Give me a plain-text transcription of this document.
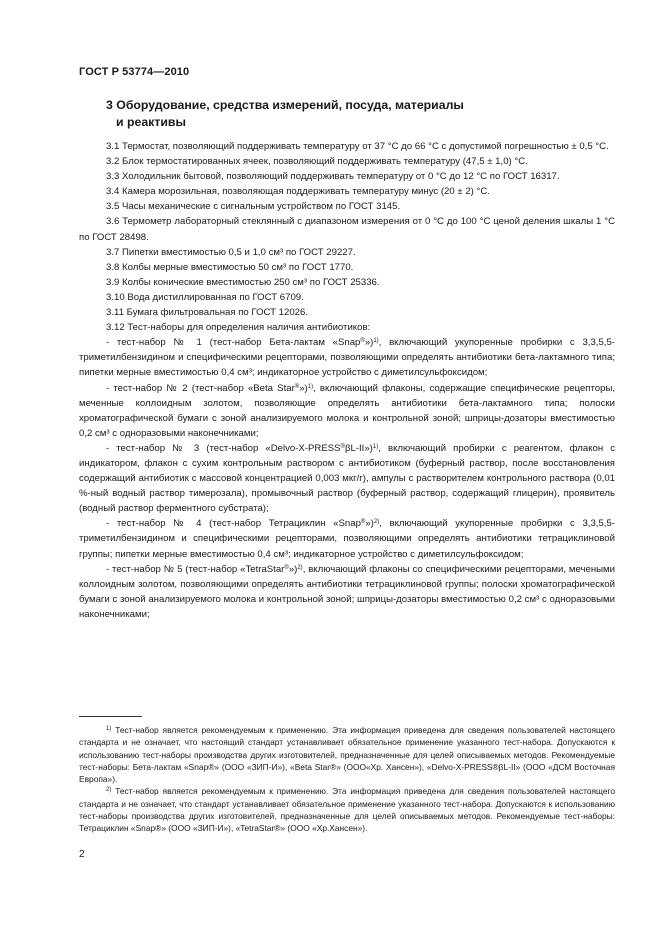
ГОСТ Р 53774—2010
3 Оборудование, средства измерений, посуда, материалы
и реактивы

3.1 Термостат, позволяющий поддерживать температуру от 37 °С до 66 °С с допустимой погрешностью ± 0,5 °С.

3.2 Блок термостатированных ячеек, позволяющий поддерживать температуру (47,5 ± 1,0) °С.

3.3 Холодильник бытовой, позволяющий поддерживать температуру от 0 °С до 12 °С по ГОСТ 16317.

3.4 Камера морозильная, позволяющая поддерживать температуру минус (20 ± 2) °С.

3.5 Часы механические с сигнальным устройством по ГОСТ 3145.

3.6 Термометр лабораторный стеклянный с диапазоном измерения от 0 °С до 100 °С ценой деления шкалы 1 °С по ГОСТ 28498.

3.7 Пипетки вместимостью 0,5 и 1,0 см³ по ГОСТ 29227.

3.8 Колбы мерные вместимостью 50 см³ по ГОСТ 1770.

3.9 Колбы конические вместимостью 250 см³ по ГОСТ 25336.

3.10 Вода дистиллированная по ГОСТ 6709.

3.11 Бумага фильтровальная по ГОСТ 12026.

3.12 Тест-наборы для определения наличия антибиотиков:

- тест-набор № 1 (тест-набор Бета-лактам «Snap®»)$^{1)}$, включающий укупоренные пробирки с 3,3,5,5-триметилбензидином и специфическими рецепторами, позволяющими определять антибиотики бета-лактамного типа; пипетки мерные вместимостью 0,4 см³; индикаторное устройство с диметилсульфоксидом;

- тест-набор № 2 (тест-набор «Beta Star®»)$^{1)}$, включающий флаконы, содержащие специфические рецепторы, меченные коллоидным золотом, позволяющие определять антибиотики бета-лактамного типа; полоски хроматографической бумаги с зоной анализируемого молока и контрольной зоной; шприцы-дозаторы вместимостью 0,2 см³ с одноразовыми наконечниками;

- тест-набор № 3 (тест-набор «Delvo-X-PRESS®βL-II»)$^{1)}$, включающий пробирки с реагентом, флакон с индикатором, флакон с сухим контрольным раствором с антибиотиком (буферный раствор, после восстановления содержащий антибиотик с массовой концентрацией 0,003 мкг/г), ампулы с растворителем контрольного раствора (0,01 %-ный водный раствор тимерозала), промывочный раствор (буферный раствор, содержащий глицерин), проявитель (водный раствор ферментного субстрата);

- тест-набор № 4 (тест-набор Тетрациклин «Snap®»)$^{2)}$, включающий укупоренные пробирки с 3,3,5,5-триметилбензидином и специфическими рецепторами, позволяющими определять антибиотики тетрациклиновой группы; пипетки мерные вместимостью 0,4 см³; индикаторное устройство с диметилсульфоксидом;

- тест-набор № 5 (тест-набор «TetraStar®»)$^{2)}$, включающий флаконы со специфическими рецепторами, мечеными коллоидным золотом, позволяющими определять антибиотики тетрациклиновой группы; полоски хроматографической бумаги с зоной анализируемого молока и контрольной зоной; шприцы-дозаторы вместимостью 0,2 см³ с одноразовыми наконечниками;

$^{1)}$ Тест-набор является рекомендуемым к применению. Эта информация приведена для сведения пользователей настоящего стандарта и не означает, что настоящий стандарт устанавливает обязательное применение указанного тест-набора. Допускаются к использованию тест-наборы производства других изготовителей, предназначенные для целей описываемых методов. Рекомендуемые тест-наборы: Бета-лактам «Snap®» (ООО «ЗИП-И»), «Beta Star®» (ООО«Хр. Хансен»), «Delvo-X-PRESS®βL-II» (ООО «ДСМ Восточная Европа»).

$^{2)}$ Тест-набор является рекомендуемым к применению. Эта информация приведена для сведения пользователей настоящего стандарта и не означает, что стандарт устанавливает обязательное применение указанного тест-набора. Допускаются к использованию тест-наборы производства других изготовителей, предназначенные для целей описываемых методов. Рекомендуемые тест-наборы: Тетрациклин «Snap®» (ООО «ЗИП-И»), «TetraStar®» (ООО «Хр.Хансен»).

2
